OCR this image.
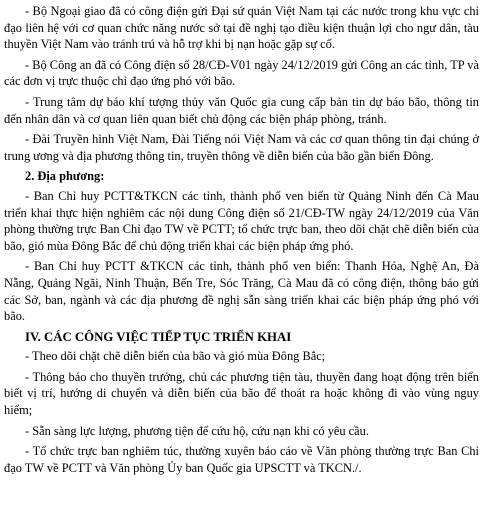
- Bộ Ngoại giao đã có công điện gửi Đại sứ quán Việt Nam tại các nước trong khu vực chỉ đạo liên hệ với cơ quan chức năng nước sở tại đề nghị tạo điều kiện thuận lợi cho ngư dân, tàu thuyền Việt Nam vào tránh trú và hỗ trợ khi bị nạn hoặc gặp sự cố.

- Bộ Công an đã có Công điện số 28/CĐ-V01 ngày 24/12/2019 gửi Công an các tỉnh, TP và các đơn vị trực thuộc chỉ đạo ứng phó với bão.

- Trung tâm dự báo khí tượng thủy văn Quốc gia cung cấp bản tin dự báo bão, thông tin đến nhân dân và cơ quan liên quan biết chủ động các biện pháp phòng, tránh.

- Đài Truyền hình Việt Nam, Đài Tiếng nói Việt Nam và các cơ quan thông tin đại chúng ở trung ương và địa phương thông tin, truyền thông về diễn biến của bão gần biển Đông.

2. Địa phương:

- Ban Chỉ huy PCTT&TKCN các tỉnh, thành phố ven biển từ Quảng Ninh đến Cà Mau triển khai thực hiện nghiêm các nội dung Công điện số 21/CĐ-TW ngày 24/12/2019 của Văn phòng thường trực Ban Chỉ đạo TW về PCTT; tổ chức trực ban, theo dõi chặt chẽ diễn biến của bão, gió mùa Đông Bắc để chủ động triển khai các biện pháp ứng phó.

- Ban Chỉ huy PCTT &TKCN các tỉnh, thành phố ven biển: Thanh Hóa, Nghệ An, Đà Nẵng, Quảng Ngãi, Ninh Thuận, Bến Tre, Sóc Trăng, Cà Mau đã có công điện, thông báo gửi các Sở, ban, ngành và các địa phương đề nghị sẵn sàng triển khai các biện pháp ứng phó với bão.

IV. CÁC CÔNG VIỆC TIẾP TỤC TRIỂN KHAI

- Theo dõi chặt chẽ diễn biến của bão và gió mùa Đông Bắc;

- Thông báo cho thuyền trưởng, chủ các phương tiện tàu, thuyền đang hoạt động trên biển biết vị trí, hướng di chuyển và diễn biến của bão để thoát ra hoặc không đi vào vùng nguy hiểm;

- Sẵn sàng lực lượng, phương tiện để cứu hộ, cứu nạn khi có yêu cầu.

- Tổ chức trực ban nghiêm túc, thường xuyên báo cáo về Văn phòng thường trực Ban Chỉ đạo TW về PCTT và Văn phòng Ủy ban Quốc gia UPSCTT và TKCN./.
